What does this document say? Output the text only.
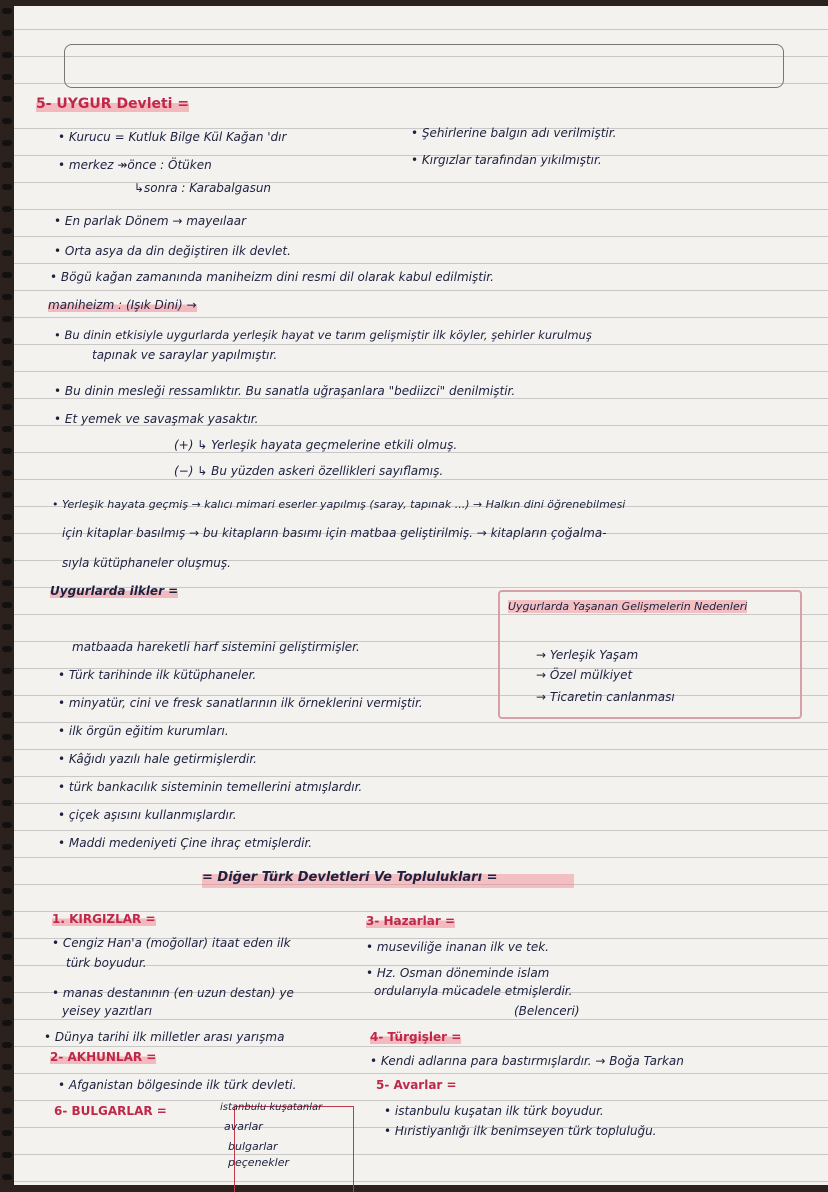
5- UYGUR Devleti =
• Şehirlerine balgın adı verilmiştir.
• Kırgızlar tarafından yıkılmıştır.
• Kurucu = Kutluk Bilge Kül Kağan 'dır
• merkez ↠önce : Ötüken
↳sonra : Karabalgasun
• En parlak Dönem → mayeılaar
• Orta asya da din değiştiren ilk devlet.
• Bögü kağan zamanında maniheizm dini resmi dil olarak kabul edilmiştir.
maniheizm : (Işık Dini) →
• Bu dinin etkisiyle uygurlarda yerleşik hayat ve tarım gelişmiştir ilk köyler, şehirler kurulmuş
tapınak ve saraylar yapılmıştır.
• Bu dinin mesleği ressamlıktır. Bu sanatla uğraşanlara "bediizci" denilmiştir.
• Et yemek ve savaşmak yasaktır.
(+) ↳ Yerleşik hayata geçmelerine etkili olmuş.
(−) ↳ Bu yüzden askeri özellikleri sayıflamış.
• Yerleşik hayata geçmiş → kalıcı mimari eserler yapılmış (saray, tapınak ...) → Halkın dini öğrenebilmesi
için kitaplar basılmış → bu kitapların basımı için matbaa geliştirilmiş. → kitapların çoğalma-
sıyla kütüphaneler oluşmuş.
Uygurlarda ilkler =
matbaada hareketli harf sistemini geliştirmişler.
• Türk tarihinde ilk kütüphaneler.
• minyatür, cini ve fresk sanatlarının ilk örneklerini vermiştir.
• ilk örgün eğitim kurumları.
• Kâğıdı yazılı hale getirmişlerdir.
• türk bankacılık sisteminin temellerini atmışlardır.
• çiçek aşısını kullanmışlardır.
• Maddi medeniyeti Çine ihraç etmişlerdir.
= Diğer Türk Devletleri Ve Toplulukları =
Uygurlarda Yaşanan Gelişmelerin Nedenleri
→ Yerleşik Yaşam
→ Özel mülkiyet
→ Ticaretin canlanması
1. KIRGIZLAR =
• Cengiz Han'a (moğollar) itaat eden ilk
türk boyudur.
• manas destanının (en uzun destan) ye
yeisey yazıtları
• Dünya tarihi ilk milletler arası yarışma
3- Hazarlar =
• museviliğe inanan ilk ve tek.
• Hz. Osman döneminde islam
ordularıyla mücadele etmişlerdir.
(Belenceri)
2- AKHUNLAR =
• Afganistan bölgesinde ilk türk devleti.
4- Türgişler =
• Kendi adlarına para bastırmışlardır. → Boğa Tarkan
5- Avarlar =
• istanbulu kuşatan ilk türk boyudur.
• Hıristiyanlığı ilk benimseyen türk topluluğu.
6- BULGARLAR =	istanbulu kuşatanlar
avarlar
bulgarlar
peçenekler
